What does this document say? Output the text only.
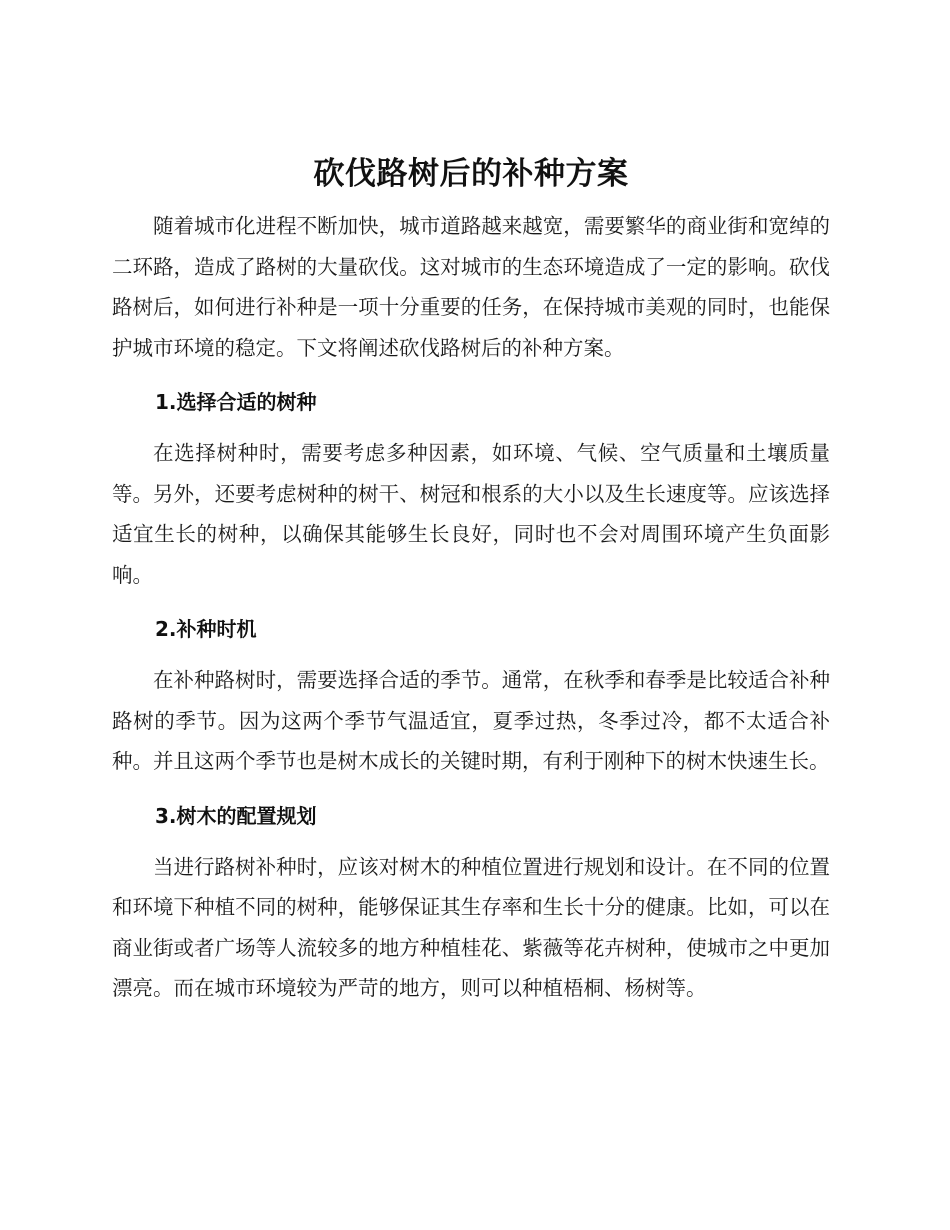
砍伐路树后的补种方案

随着城市化进程不断加快，城市道路越来越宽，需要繁华的商业街和宽绰的二环路，造成了路树的大量砍伐。这对城市的生态环境造成了一定的影响。砍伐路树后，如何进行补种是一项十分重要的任务，在保持城市美观的同时，也能保护城市环境的稳定。下文将阐述砍伐路树后的补种方案。

1.选择合适的树种

在选择树种时，需要考虑多种因素，如环境、气候、空气质量和土壤质量等。另外，还要考虑树种的树干、树冠和根系的大小以及生长速度等。应该选择适宜生长的树种，以确保其能够生长良好，同时也不会对周围环境产生负面影响。

2.补种时机

在补种路树时，需要选择合适的季节。通常，在秋季和春季是比较适合补种路树的季节。因为这两个季节气温适宜，夏季过热，冬季过冷，都不太适合补种。并且这两个季节也是树木成长的关键时期，有利于刚种下的树木快速生长。

3.树木的配置规划

当进行路树补种时，应该对树木的种植位置进行规划和设计。在不同的位置和环境下种植不同的树种，能够保证其生存率和生长十分的健康。比如，可以在商业街或者广场等人流较多的地方种植桂花、紫薇等花卉树种，使城市之中更加漂亮。而在城市环境较为严苛的地方，则可以种植梧桐、杨树等。
